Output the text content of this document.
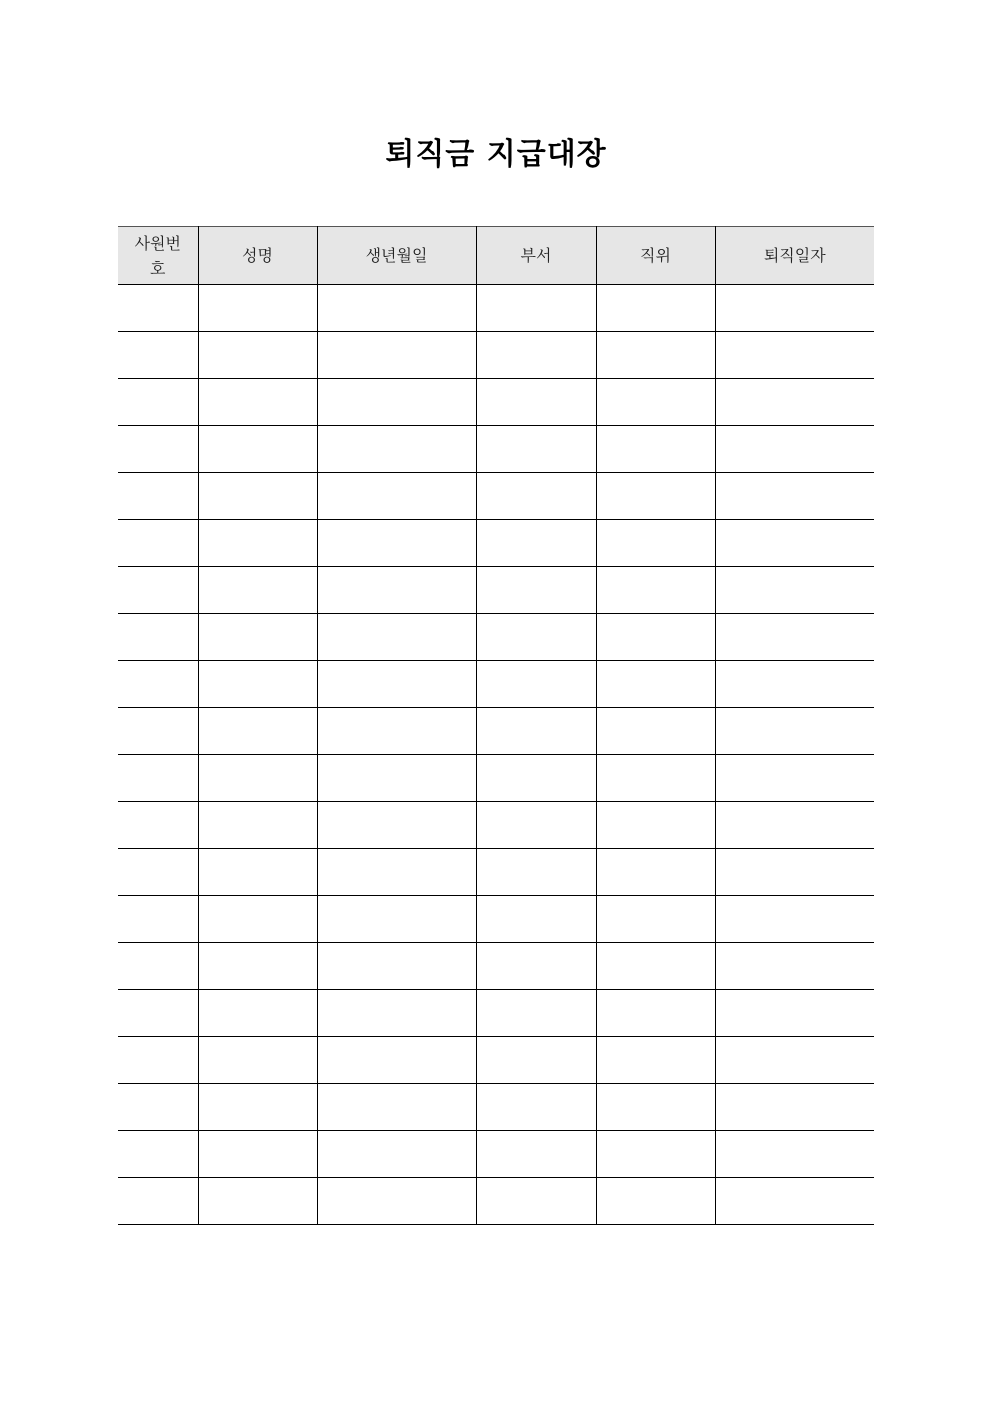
퇴직금 지급대장
사원번호	성명	생년월일	부서	직위	퇴직일자
